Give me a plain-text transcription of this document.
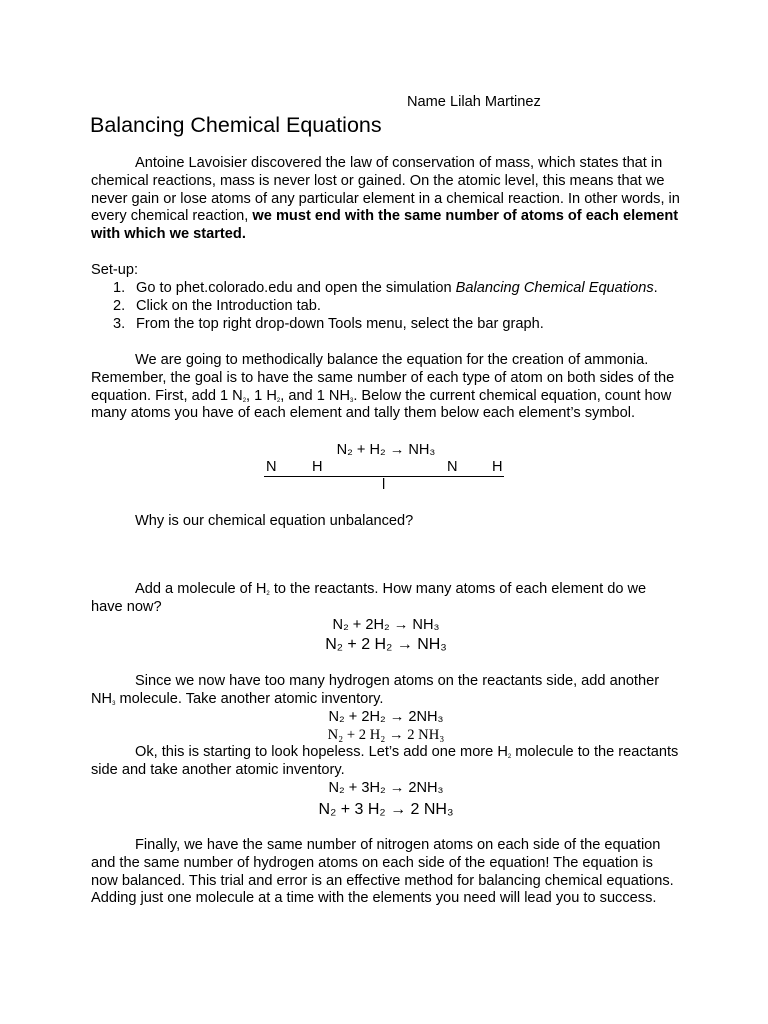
Name Lilah Martinez
Balancing Chemical Equations
Antoine Lavoisier discovered the law of conservation of mass, which states that in chemical reactions, mass is never lost or gained. On the atomic level, this means that we never gain or lose atoms of any particular element in a chemical reaction. In other words, in every chemical reaction, we must end with the same number of atoms of each element with which we started.
Set-up:
1. Go to phet.colorado.edu and open the simulation Balancing Chemical Equations.
2. Click on the Introduction tab.
3. From the top right drop-down Tools menu, select the bar graph.
We are going to methodically balance the equation for the creation of ammonia. Remember, the goal is to have the same number of each type of atom on both sides of the equation. First, add 1 $N_2$, 1 $H_2$, and 1 $NH_3$. Below the current chemical equation, count how many atoms you have of each element and tally them below each element’s symbol.
N₂ + H₂ → NH₃
N H	N H
l
Why is our chemical equation unbalanced?
Add a molecule of $H_2$ to the reactants. How many atoms of each element do we have now?
N₂ + 2H₂ → NH₃
N₂ + 2 H₂ → NH₃
Since we now have too many hydrogen atoms on the reactants side, add another $NH_3$ molecule. Take another atomic inventory.
N₂ + 2H₂ → 2NH₃
N₂ + 2 H₂ → 2 NH₃
Ok, this is starting to look hopeless. Let’s add one more $H_2$ molecule to the reactants side and take another atomic inventory.
N₂ + 3H₂ → 2NH₃
N₂ + 3 H₂ → 2 NH₃
Finally, we have the same number of nitrogen atoms on each side of the equation and the same number of hydrogen atoms on each side of the equation! The equation is now balanced. This trial and error is an effective method for balancing chemical equations. Adding just one molecule at a time with the elements you need will lead you to success.
